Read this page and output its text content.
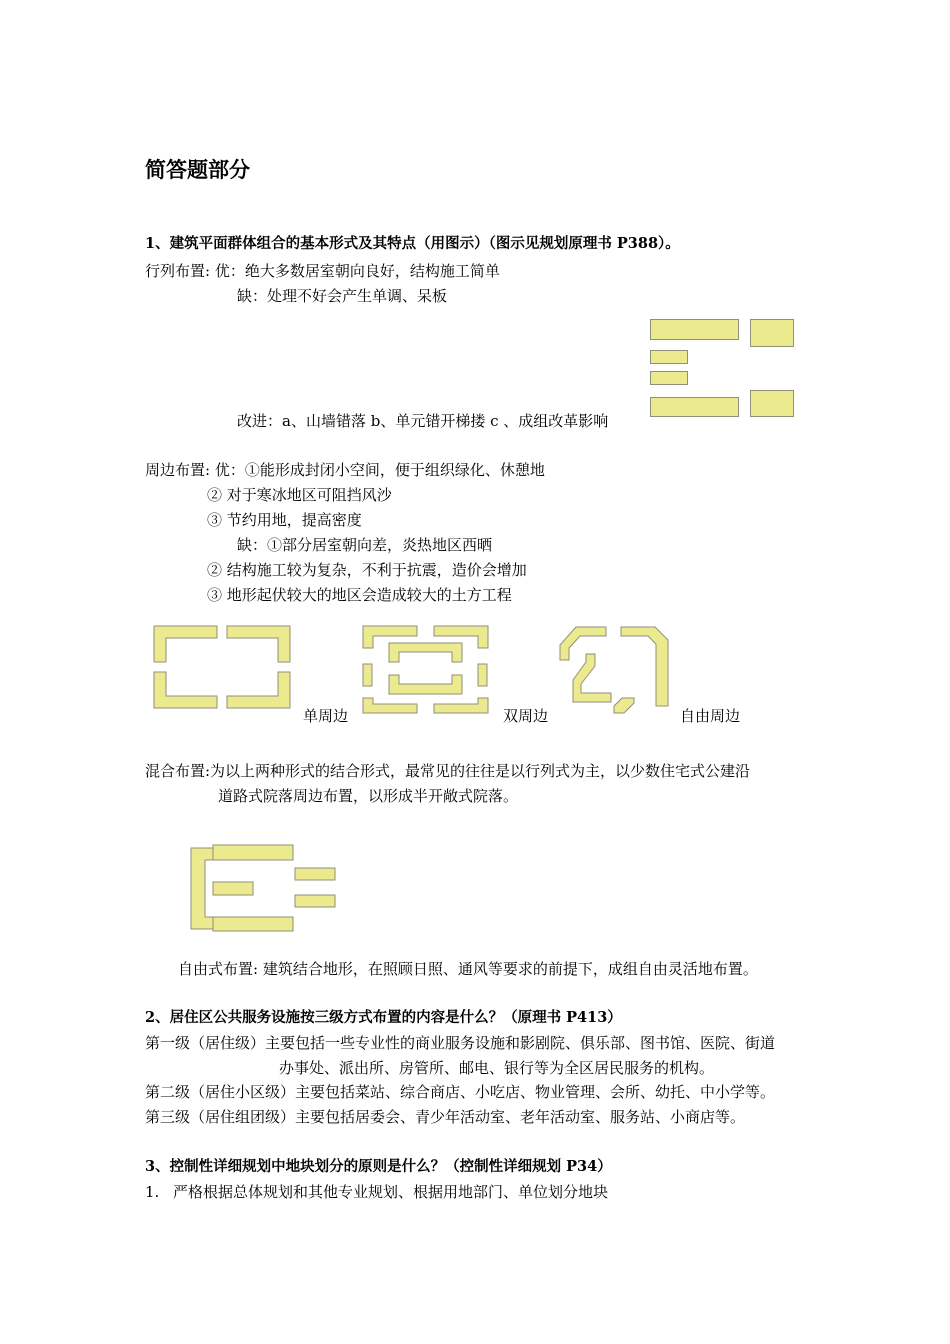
简答题部分
1、建筑平面群体组合的基本形式及其特点（用图示）（图示见规划原理书 P388）。
行列布置: 优：绝大多数居室朝向良好，结构施工简单
缺：处理不好会产生单调、呆板
改进：a、山墙错落 b、单元错开梯搂 c 、成组改革影响
周边布置: 优：①能形成封闭小空间，便于组织绿化、休憩地
② 对于寒冰地区可阻挡风沙
③ 节约用地，提高密度
缺：①部分居室朝向差，炎热地区西晒
② 结构施工较为复杂，不利于抗震，造价会增加
③ 地形起伏较大的地区会造成较大的土方工程
单周边	双周边	自由周边
混合布置:为以上两种形式的结合形式，最常见的往往是以行列式为主，以少数住宅式公建沿
道路式院落周边布置，以形成半开敞式院落。
自由式布置: 建筑结合地形，在照顾日照、通风等要求的前提下，成组自由灵活地布置。
2、居住区公共服务设施按三级方式布置的内容是什么？（原理书 P413）
第一级（居住级）主要包括一些专业性的商业服务设施和影剧院、俱乐部、图书馆、医院、街道
办事处、派出所、房管所、邮电、银行等为全区居民服务的机构。
第二级（居住小区级）主要包括菜站、综合商店、小吃店、物业管理、会所、幼托、中小学等。
第三级（居住组团级）主要包括居委会、青少年活动室、老年活动室、服务站、小商店等。
3、控制性详细规划中地块划分的原则是什么？（控制性详细规划 P34）
1. 严格根据总体规划和其他专业规划、根据用地部门、单位划分地块
